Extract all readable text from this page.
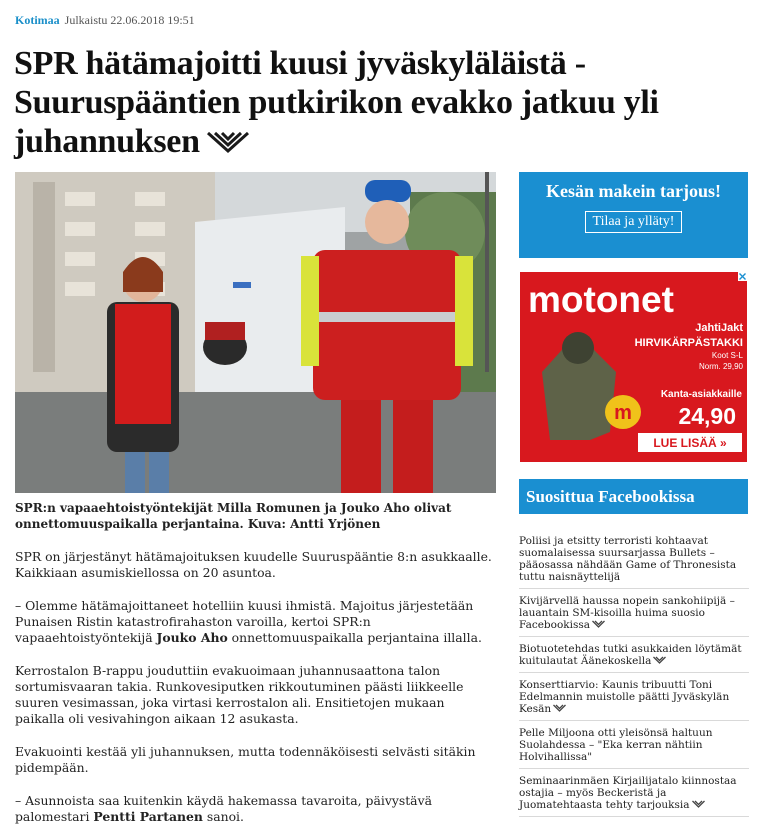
Kotimaa Julkaistu 22.06.2018 19:51
SPR hätämajoitti kuusi jyväskyläläistä - Suuruspääntien putkirikon evakko jatkuu yli juhannuksen
SPR:n vapaaehtoistyöntekijät Milla Romunen ja Jouko Aho olivat onnettomuuspaikalla perjantaina. Kuva: Antti Yrjönen

SPR on järjestänyt hätämajoituksen kuudelle Suuruspääntie 8:n asukkaalle. Kaikkiaan asumiskiellossa on 20 asuntoa.

– Olemme hätämajoittaneet hotelliin kuusi ihmistä. Majoitus järjestetään Punaisen Ristin katastrofirahaston varoilla, kertoi SPR:n vapaaehtoistyöntekijä Jouko Aho onnettomuuspaikalla perjantaina illalla.

Kerrostalon B-rappu jouduttiin evakuoimaan juhannusaattona talon sortumisvaaran takia. Runkovesiputken rikkoutuminen päästi liikkeelle suuren vesimassan, joka virtasi kerrostalon ali. Ensitietojen mukaan paikalla oli vesivahingon aikaan 12 asukasta.

Evakuointi kestää yli juhannuksen, mutta todennäköisesti selvästi sitäkin pidempään.

– Asunnoista saa kuitenkin käydä hakemassa tavaroita, päivystävä palomestari Pentti Partanen sanoi.

Kesän makein tarjous!
Tilaa ja ylläty!
motonet
JahtiJakt
HIRVIKÄRPÄSTAKKI
Koot S-L
Norm. 29,90
m
Kanta-asiakkaille
24,90
LUE LISÄÄ »
Suosittua Facebookissa
Poliisi ja etsitty terroristi kohtaavat suomalaisessa suursarjassa Bullets – pääosassa nähdään Game of Thronesista tuttu naisnäyttelijä
Kivijärvellä haussa nopein sankohiipijä – lauantain SM-kisoilla huima suosio Facebookissa
Biotuotetehdas tutki asukkaiden löytämät kuitulautat Äänekoskella
Konserttiarvio: Kaunis tribuutti Toni Edelmannin muistolle päätti Jyväskylän Kesän
Pelle Miljoona otti yleisönsä haltuun Suolahdessa – "Eka kerran nähtiin Holvihallissa"
Seminaarinmäen Kirjailijatalo kiinnostaa ostajia – myös Beckeristä ja Juomatehtaasta tehty tarjouksia
